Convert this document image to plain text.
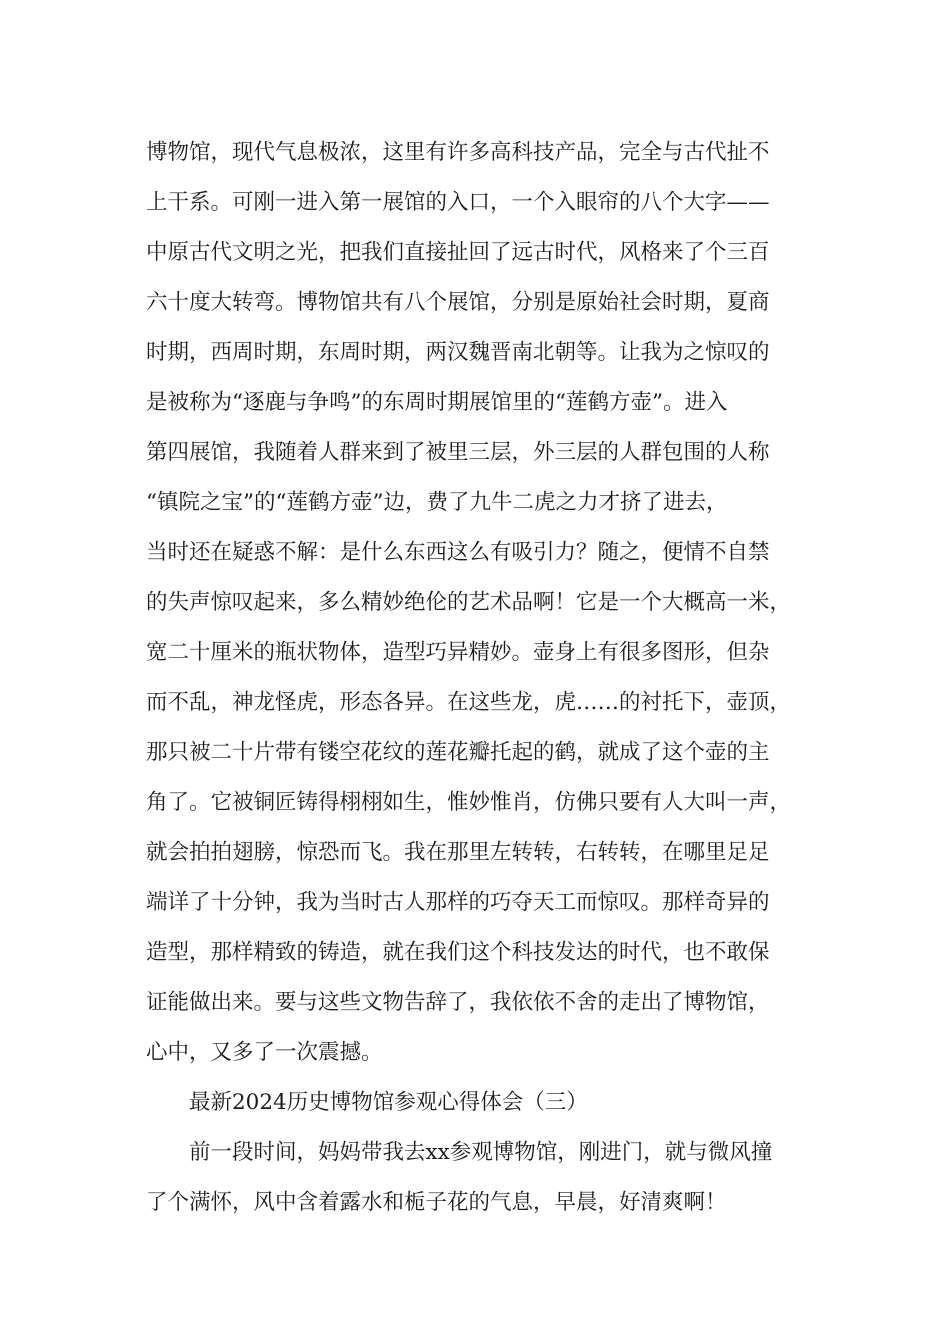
博物馆，现代气息极浓，这里有许多高科技产品，完全与古代扯不
上干系。可刚一进入第一展馆的入口，一个入眼帘的八个大字——
中原古代文明之光，把我们直接扯回了远古时代，风格来了个三百
六十度大转弯。博物馆共有八个展馆，分别是原始社会时期，夏商
时期，西周时期，东周时期，两汉魏晋南北朝等。让我为之惊叹的
是被称为“逐鹿与争鸣”的东周时期展馆里的“莲鹤方壶”。进入
第四展馆，我随着人群来到了被里三层，外三层的人群包围的人称
“镇院之宝”的“莲鹤方壶”边，费了九牛二虎之力才挤了进去，
当时还在疑惑不解：是什么东西这么有吸引力？随之，便情不自禁
的失声惊叹起来，多么精妙绝伦的艺术品啊！它是一个大概高一米，
宽二十厘米的瓶状物体，造型巧异精妙。壶身上有很多图形，但杂
而不乱，神龙怪虎，形态各异。在这些龙，虎……的衬托下，壶顶，
那只被二十片带有镂空花纹的莲花瓣托起的鹤，就成了这个壶的主
角了。它被铜匠铸得栩栩如生，惟妙惟肖，仿佛只要有人大叫一声，
就会拍拍翅膀，惊恐而飞。我在那里左转转，右转转，在哪里足足
端详了十分钟，我为当时古人那样的巧夺天工而惊叹。那样奇异的
造型，那样精致的铸造，就在我们这个科技发达的时代，也不敢保
证能做出来。要与这些文物告辞了，我依依不舍的走出了博物馆，
心中，又多了一次震撼。
最新2024历史博物馆参观心得体会（三）
前一段时间，妈妈带我去xx参观博物馆，刚进门，就与微风撞
了个满怀，风中含着露水和栀子花的气息，早晨，好清爽啊！
